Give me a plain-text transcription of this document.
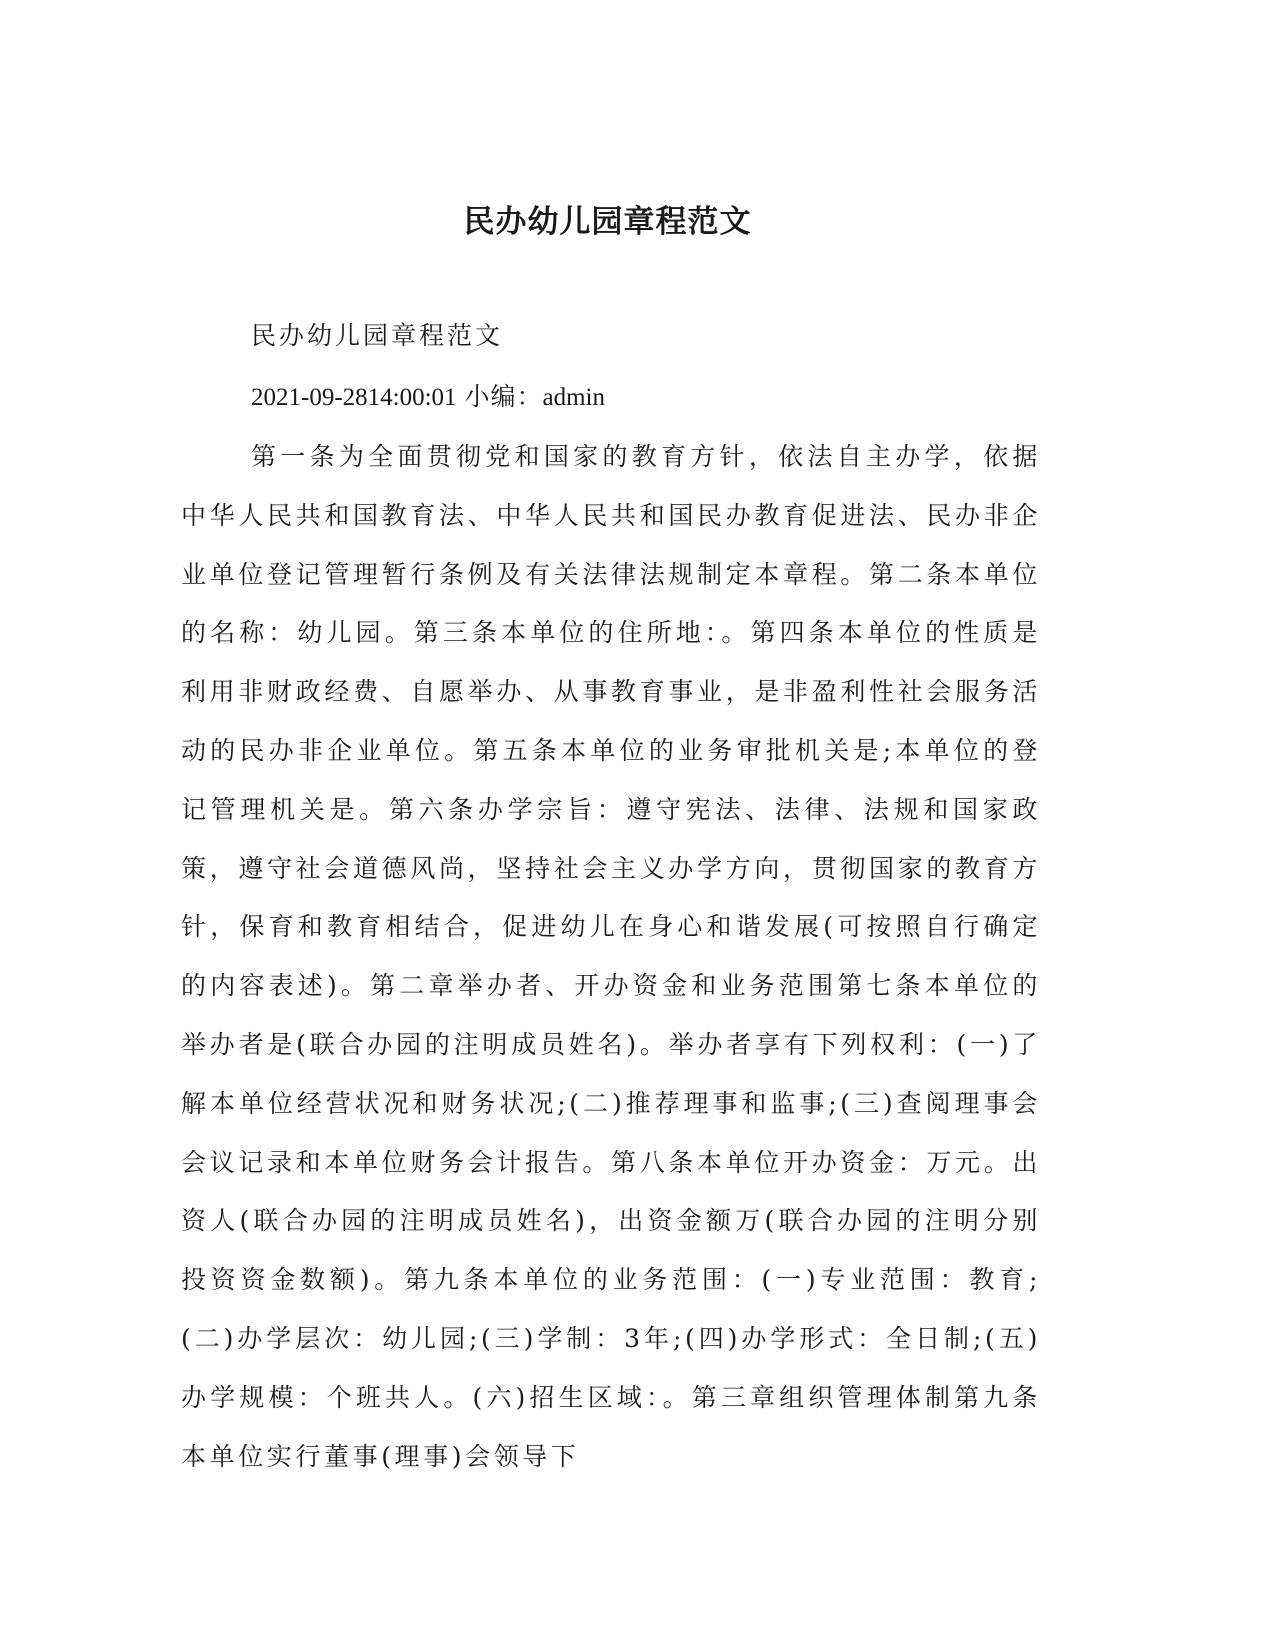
民办幼儿园章程范文

民办幼儿园章程范文

2021-09-2814:00:01 小编：admin

第一条为全面贯彻党和国家的教育方针，依法自主办学，依据中华人民共和国教育法、中华人民共和国民办教育促进法、民办非企业单位登记管理暂行条例及有关法律法规制定本章程。第二条本单位的名称：幼儿园。第三条本单位的住所地：。第四条本单位的性质是利用非财政经费、自愿举办、从事教育事业，是非盈利性社会服务活动的民办非企业单位。第五条本单位的业务审批机关是;本单位的登记管理机关是。第六条办学宗旨：遵守宪法、法律、法规和国家政策，遵守社会道德风尚，坚持社会主义办学方向，贯彻国家的教育方针，保育和教育相结合，促进幼儿在身心和谐发展(可按照自行确定的内容表述)。第二章举办者、开办资金和业务范围第七条本单位的举办者是(联合办园的注明成员姓名)。举办者享有下列权利：(一)了解本单位经营状况和财务状况;(二)推荐理事和监事;(三)查阅理事会会议记录和本单位财务会计报告。第八条本单位开办资金：万元。出资人(联合办园的注明成员姓名)，出资金额万(联合办园的注明分别投资资金数额)。第九条本单位的业务范围：(一)专业范围：教育;(二)办学层次：幼儿园;(三)学制：3年;(四)办学形式：全日制;(五)办学规模：个班共人。(六)招生区域：。第三章组织管理体制第九条本单位实行董事(理事)会领导下
